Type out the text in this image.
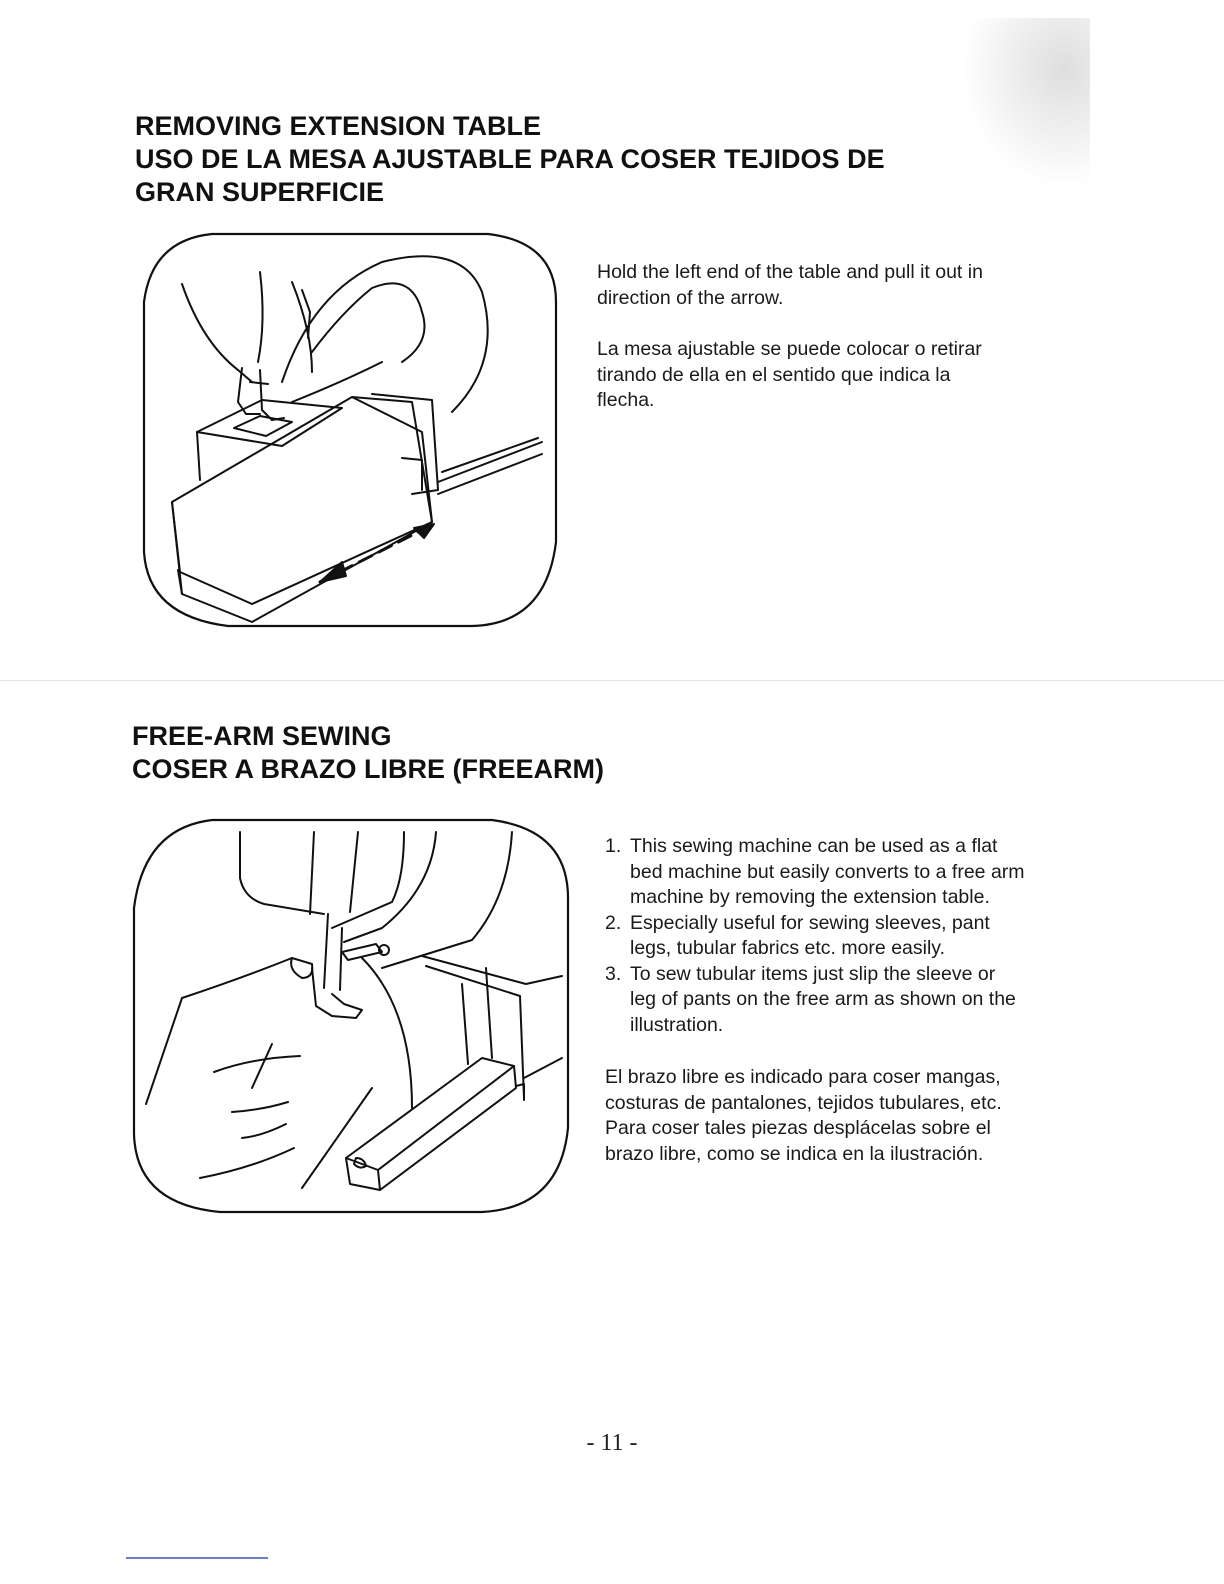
REMOVING EXTENSION TABLE
USO DE LA MESA AJUSTABLE PARA COSER TEJIDOS DE
GRAN SUPERFICIE

Hold the left end of the table and pull it out in direction of the arrow.

La mesa ajustable se puede colocar o retirar tirando de ella en el sentido que indica la flecha.

FREE-ARM SEWING
COSER A BRAZO LIBRE (FREEARM)
1. This sewing machine can be used as a flat bed machine but easily converts to a free arm machine by removing the extension table.
2. Especially useful for sewing sleeves, pant legs, tubular fabrics etc. more easily.
3. To sew tubular items just slip the sleeve or leg of pants on the free arm as shown on the illustration.

El brazo libre es indicado para coser mangas, costuras de pantalones, tejidos tubulares, etc.

Para coser tales piezas desplácelas sobre el brazo libre, como se indica en la ilustración.

- 11 -
